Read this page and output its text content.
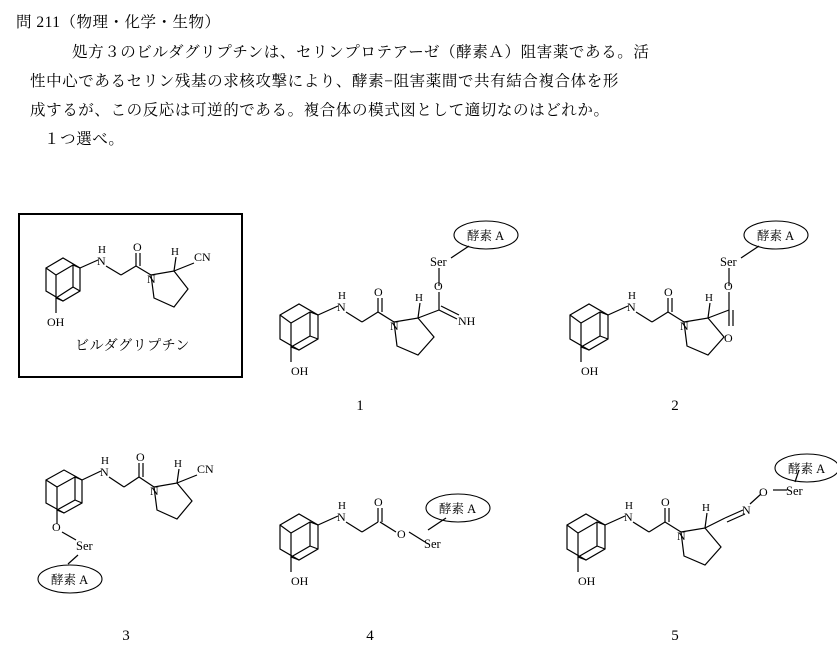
問 211（物理・化学・生物）

処方３のビルダグリプチンは、セリンプロテアーゼ（酵素Ａ）阻害薬である。活

性中心であるセリン残基の求核攻撃により、酵素−阻害薬間で共有結合複合体を形

成するが、この反応は可逆的である。複合体の模式図として適切なのはどれか。

１つ選べ。

N
H O
N
H CN
OH
ビルダグリプチン
N
H O
N
H
NH
O
Ser
OH
酵素 A
1
N
H O
N
H
O
O
Ser
OH
酵素 A
2
N
H O
N
H CN
O
Ser
酵素 A
3
N
H O
O
Ser
OH
酵素 A
4
N
H O
N
H	N
O Ser
OH
酵素 A
5
